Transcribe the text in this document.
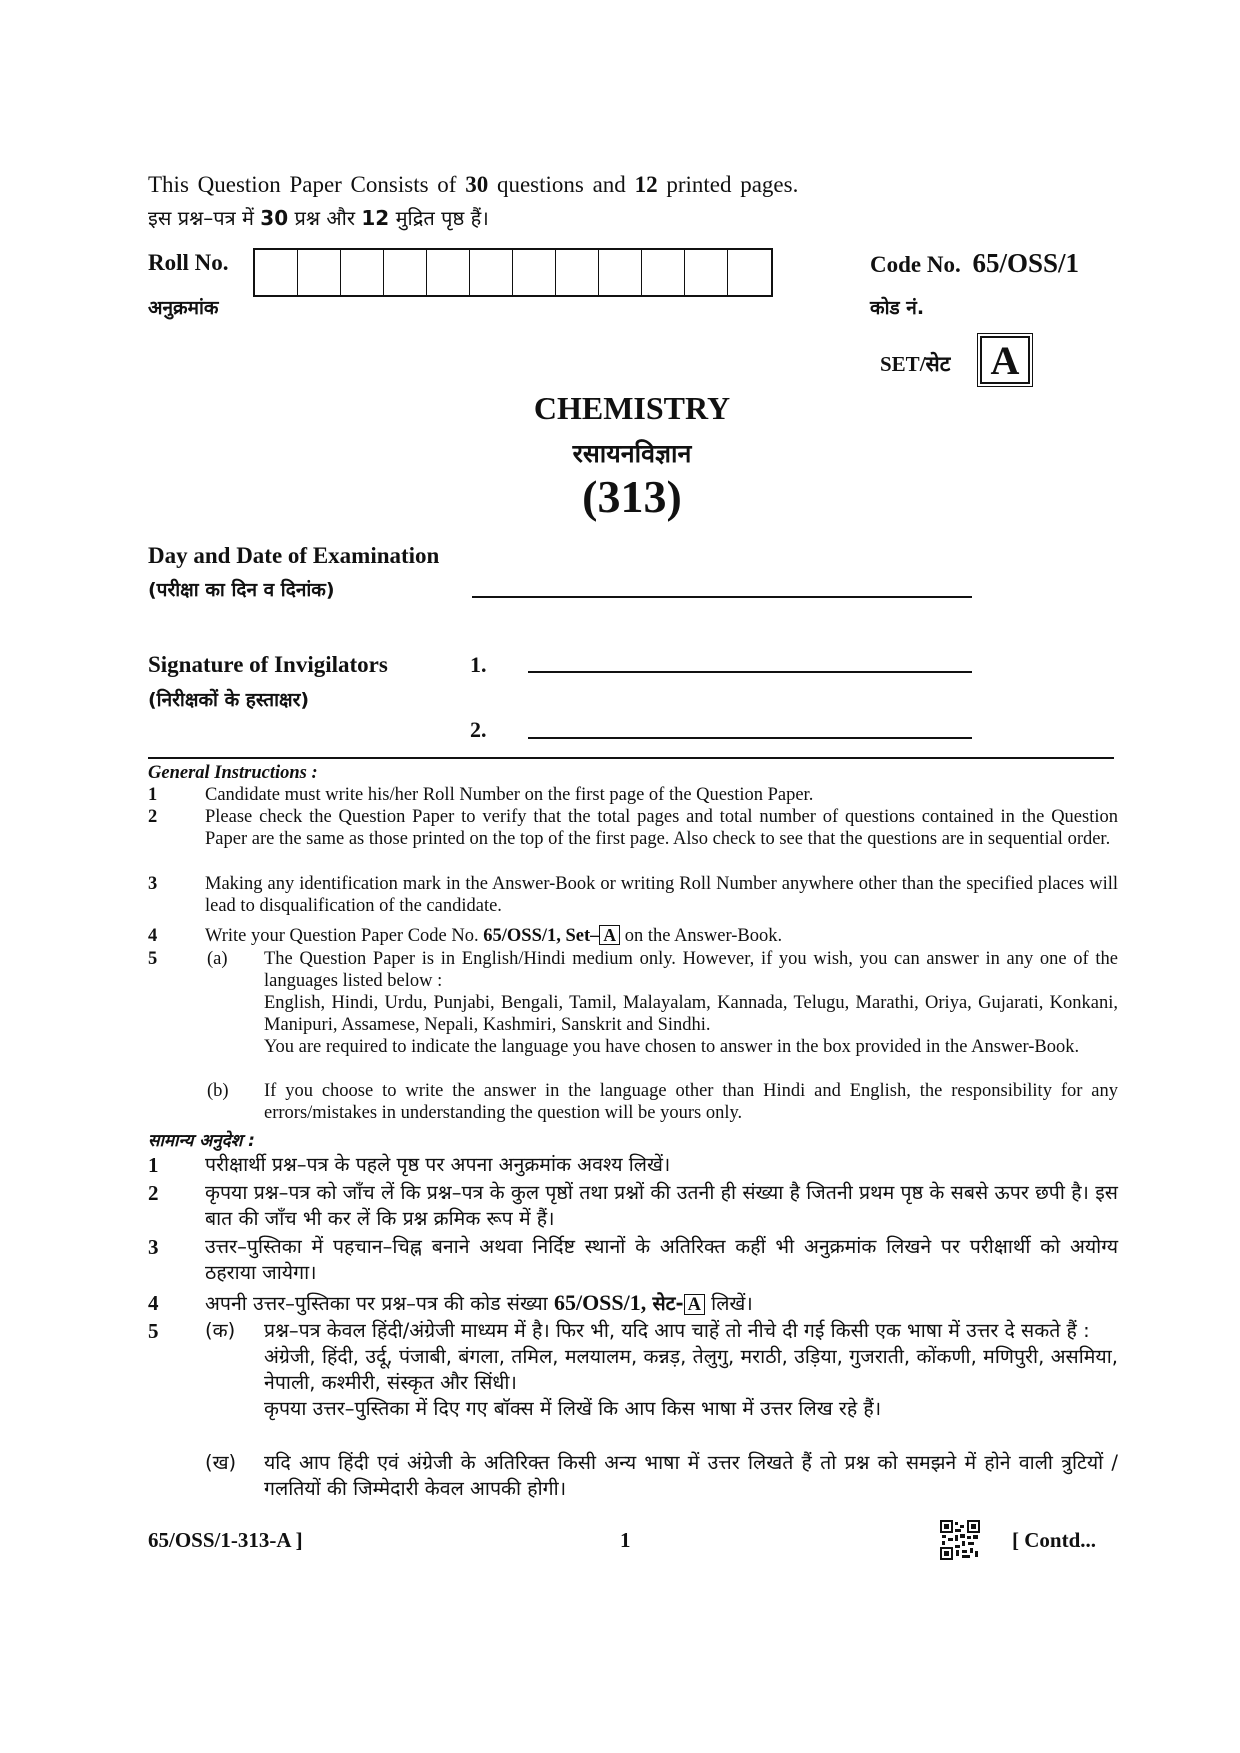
This Question Paper Consists of 30 questions and 12 printed pages.
इस प्रश्न–पत्र में 30 प्रश्न और 12 मुद्रित पृष्ठ हैं।
Roll No.
अनुक्रमांक
Code No. 65/OSS/1
कोड नं.
SET/सेट A
CHEMISTRY
रसायनविज्ञान
(313)
Day and Date of Examination
(परीक्षा का दिन व दिनांक)
Signature of Invigilators
(निरीक्षकों के हस्ताक्षर)
1.
2.
General Instructions :
1	Candidate must write his/her Roll Number on the first page of the Question Paper.
2	Please check the Question Paper to verify that the total pages and total number of questions contained in the Question Paper are the same as those printed on the top of the first page. Also check to see that the questions are in sequential order.
3	Making any identification mark in the Answer-Book or writing Roll Number anywhere other than the specified places will lead to disqualification of the candidate.
4	Write your Question Paper Code No. 65/OSS/1, Set– A on the Answer-Book.
5	(a) The Question Paper is in English/Hindi medium only. However, if you wish, you can answer in any one of the languages listed below :
English, Hindi, Urdu, Punjabi, Bengali, Tamil, Malayalam, Kannada, Telugu, Marathi, Oriya, Gujarati, Konkani, Manipuri, Assamese, Nepali, Kashmiri, Sanskrit and Sindhi.
You are required to indicate the language you have chosen to answer in the box provided in the Answer-Book.
(b) If you choose to write the answer in the language other than Hindi and English, the responsibility for any errors/mistakes in understanding the question will be yours only.
सामान्य अनुदेश :
1 परीक्षार्थी प्रश्न–पत्र के पहले पृष्ठ पर अपना अनुक्रमांक अवश्य लिखें।
2 कृपया प्रश्न–पत्र को जाँच लें कि प्रश्न–पत्र के कुल पृष्ठों तथा प्रश्नों की उतनी ही संख्या है जितनी प्रथम पृष्ठ के सबसे ऊपर छपी है। इस बात की जाँच भी कर लें कि प्रश्न क्रमिक रूप में हैं।
3 उत्तर–पुस्तिका में पहचान–चिह्न बनाने अथवा निर्दिष्ट स्थानों के अतिरिक्त कहीं भी अनुक्रमांक लिखने पर परीक्षार्थी को अयोग्य ठहराया जायेगा।
4 अपनी उत्तर–पुस्तिका पर प्रश्न–पत्र की कोड संख्या 65/OSS/1, सेट- A लिखें।
5 (क) प्रश्न–पत्र केवल हिंदी/अंग्रेजी माध्यम में है। फिर भी, यदि आप चाहें तो नीचे दी गई किसी एक भाषा में उत्तर दे सकते हैं :
अंग्रेजी, हिंदी, उर्दू, पंजाबी, बंगला, तमिल, मलयालम, कन्नड़, तेलुगु, मराठी, उड़िया, गुजराती, कोंकणी, मणिपुरी, असमिया, नेपाली, कश्मीरी, संस्कृत और सिंधी।
कृपया उत्तर–पुस्तिका में दिए गए बॉक्स में लिखें कि आप किस भाषा में उत्तर लिख रहे हैं।
(ख) यदि आप हिंदी एवं अंग्रेजी के अतिरिक्त किसी अन्य भाषा में उत्तर लिखते हैं तो प्रश्न को समझने में होने वाली त्रुटियों / गलतियों की जिम्मेदारी केवल आपकी होगी।
65/OSS/1-313-A ]	1	[ Contd...
